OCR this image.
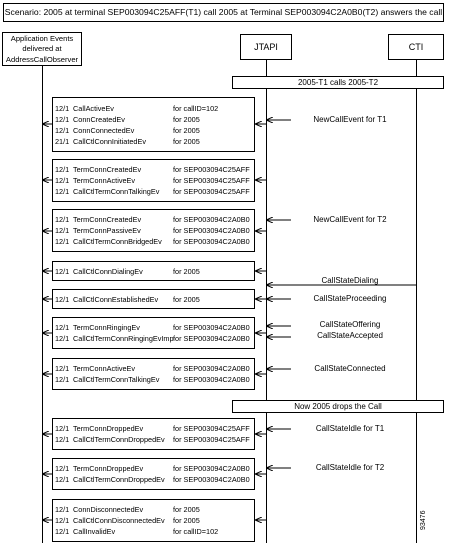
Scenario: 2005 at terminal SEP003094C25AFF(T1) call 2005 at Terminal SEP003094C2A0B0(T2) answers the call
Application Events delivered at AddressCallObserver
JTAPI	CTI
2005-T1 calls 2005-T2
Now 2005 drops the Call
12/1 CallActiveEv	for callID=102
12/1 ConnCreatedEv	for 2005
12/1 ConnConnectedEv	for 2005
21/1 CallCtlConnInitiatedEv	for 2005
12/1 TermConnCreatedEv	for SEP003094C25AFF
12/1 TermConnActiveEv	for SEP003094C25AFF
12/1 CallCtlTermConnTalkingEv for SEP003094C25AFF
12/1 TermConnCreatedEv	for SEP003094C2A0B0
12/1 TermConnPassiveEv	for SEP003094C2A0B0
12/1 CallCtlTermConnBridgedEv for SEP003094C2A0B0
12/1 CallCtlConnDialingEv	for 2005
12/1 CallCtlConnEstablishedEv for 2005
12/1 TermConnRingingEv	for SEP003094C2A0B0
12/1 CallCtlTermConnRingingEvImp for SEP003094C2A0B0
12/1 TermConnActiveEv	for SEP003094C2A0B0
12/1 CallCtlTermConnTalkingEv for SEP003094C2A0B0
12/1 TermConnDroppedEv	for SEP003094C25AFF
12/1 CallCtlTermConnDroppedEv for SEP003094C25AFF
12/1 TermConnDroppedEv	for SEP003094C2A0B0
12/1 CallCtlTermConnDroppedEv for SEP003094C2A0B0
12/1 ConnDisconnectedEv	for 2005
12/1 CallCtlConnDisconnectedEv for 2005
12/1 CallInvalidEv	for callID=102
NewCallEvent for T1
NewCallEvent for T2
CallStateDialing
CallStateProceeding
CallStateOffering
CallStateAccepted
CallStateConnected
CallStateIdle for T1
CallStateIdle for T2
93476
